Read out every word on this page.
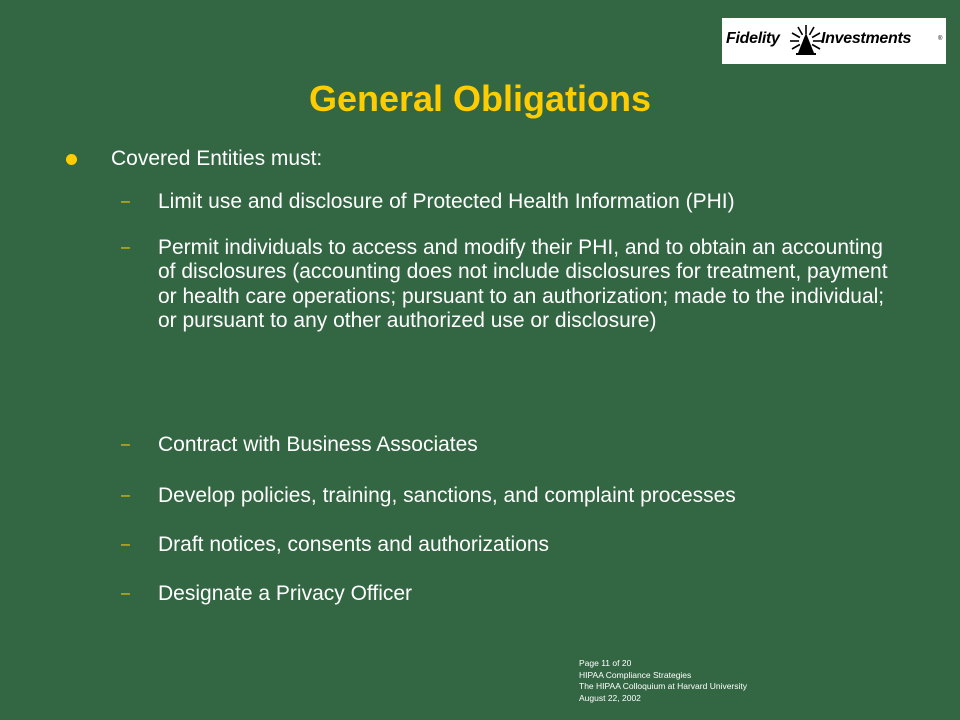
Fidelity	Investments	®
General Obligations
Covered Entities must:
– Limit use and disclosure of Protected Health Information (PHI)
– Permit individuals to access and modify their PHI, and to obtain an accounting of disclosures (accounting does not include disclosures for treatment, payment or health care operations; pursuant to an authorization; made to the individual; or pursuant to any other authorized use or disclosure)
– Contract with Business Associates
– Develop policies, training, sanctions, and complaint processes
– Draft notices, consents and authorizations
– Designate a Privacy Officer
Page 11 of 20
HIPAA Compliance Strategies
The HIPAA Colloquium at Harvard University
August 22, 2002
